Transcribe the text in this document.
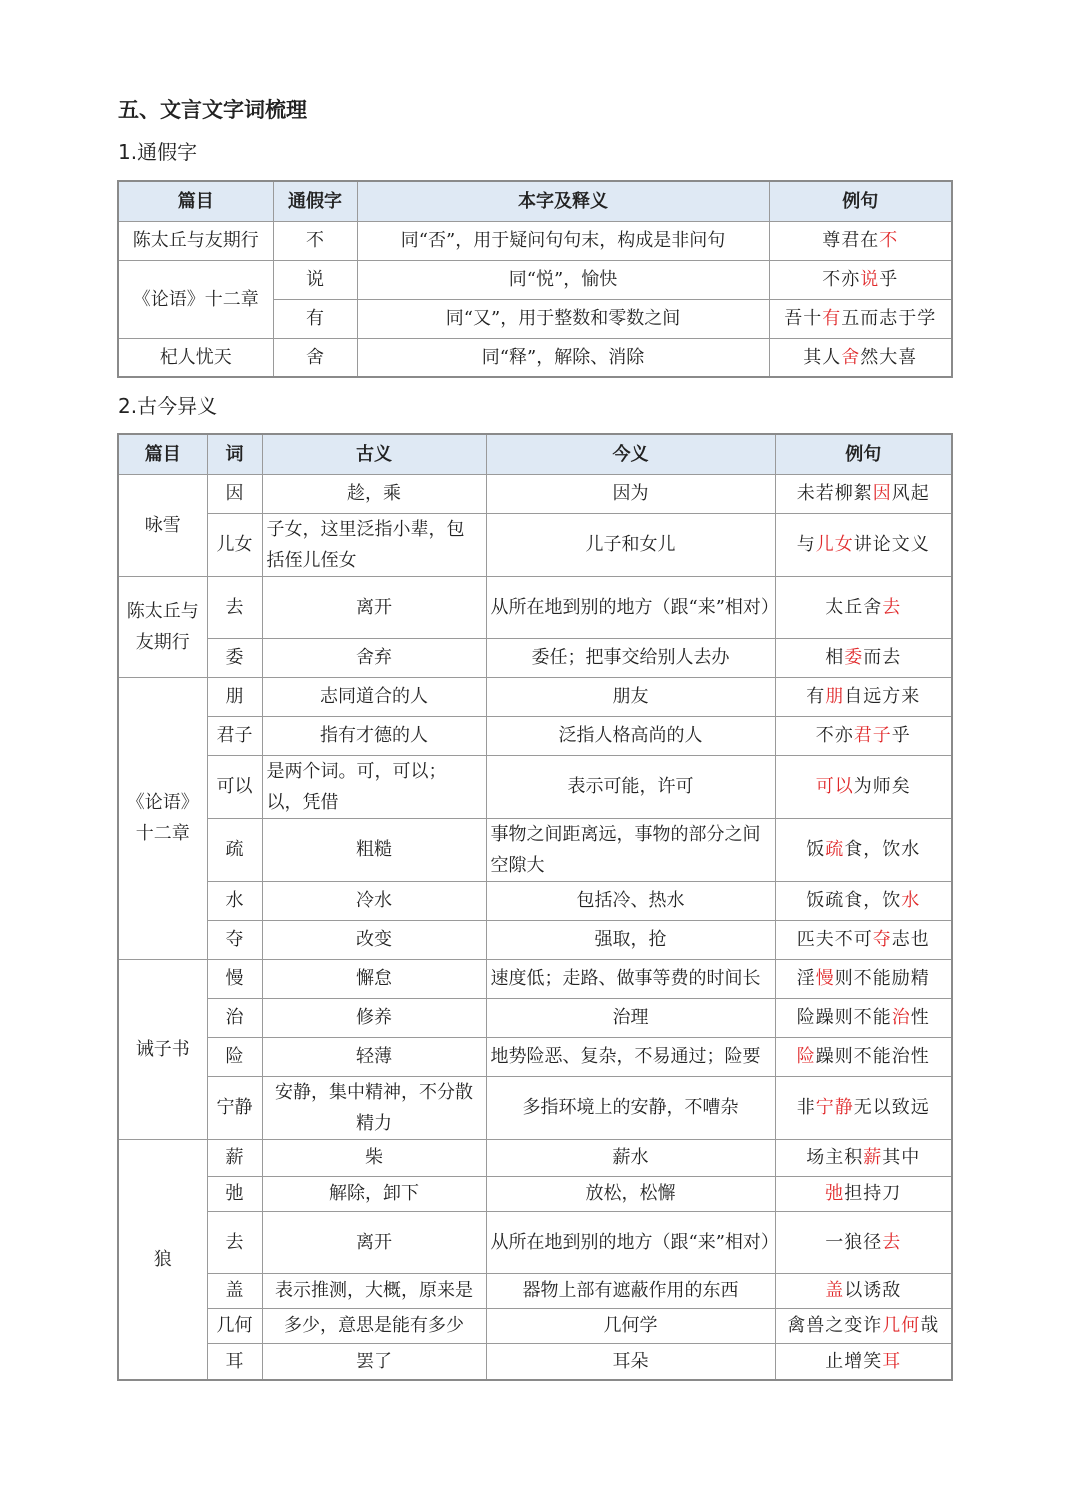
五、文言文字词梳理
1.通假字
篇目	通假字	本字及释义	例句
陈太丘与友期行	不	同“否”，用于疑问句句末，构成是非问句	尊君在不
《论语》十二章	说	同“悦”，愉快	不亦说乎
	有	同“又”，用于整数和零数之间	吾十有五而志于学
杞人忧天	舍	同“释”，解除、消除	其人舍然大喜
2.古今异义
篇目	词	古义	今义	例句
咏雪	因	趁，乘	因为	未若柳絮因风起
	儿女	子女，这里泛指小辈，包括侄儿侄女	儿子和女儿	与儿女讲论文义
陈太丘与友期行	去	离开	从所在地到别的地方（跟“来”相对）	太丘舍去
	委	舍弃	委任；把事交给别人去办	相委而去
《论语》十二章	朋	志同道合的人	朋友	有朋自远方来
	君子	指有才德的人	泛指人格高尚的人	不亦君子乎
	可以	是两个词。可，可以；以，凭借	表示可能，许可	可以为师矣
	疏	粗糙	事物之间距离远，事物的部分之间空隙大	饭疏食，饮水
	水	冷水	包括冷、热水	饭疏食，饮水
	夺	改变	强取，抢	匹夫不可夺志也
诫子书	慢	懈怠	速度低；走路、做事等费的时间长	淫慢则不能励精
	治	修养	治理	险躁则不能治性
	险	轻薄	地势险恶、复杂，不易通过；险要	险躁则不能治性
	宁静	安静，集中精神，不分散精力	多指环境上的安静，不嘈杂	非宁静无以致远
狼	薪	柴	薪水	场主积薪其中
	弛	解除，卸下	放松，松懈	弛担持刀
	去	离开	从所在地到别的地方（跟“来”相对）	一狼径去
	盖	表示推测，大概，原来是	器物上部有遮蔽作用的东西	盖以诱敌
	几何	多少，意思是能有多少	几何学	禽兽之变诈几何哉
	耳	罢了	耳朵	止增笑耳
